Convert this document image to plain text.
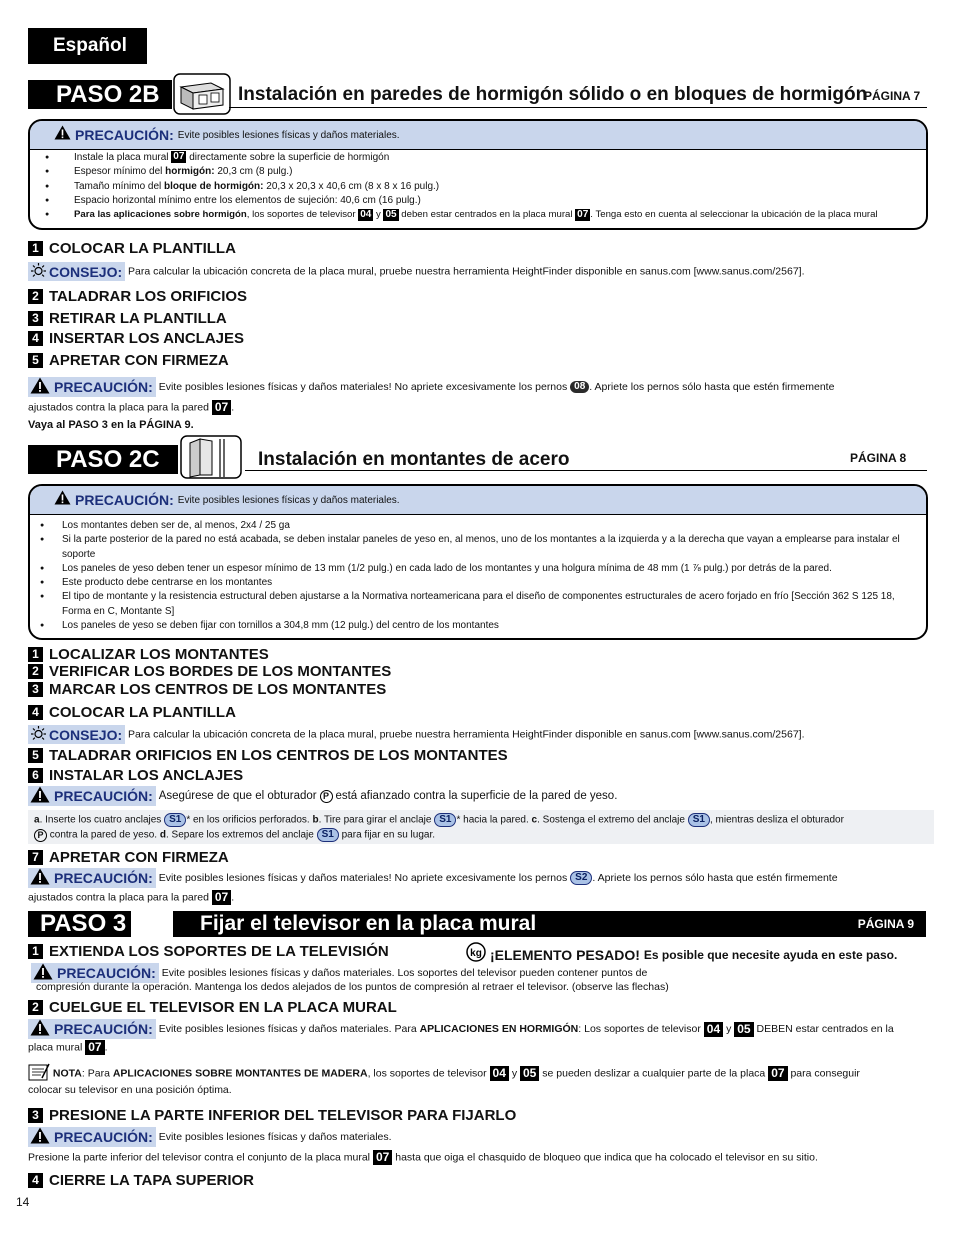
Español
PASO 2B	Instalación en paredes de hormigón sólido o en bloques de hormigón
PÁGINA 7
PRECAUCIÓN: Evite posibles lesiones físicas y daños materiales.
● Instale la placa mural 07 directamente sobre la superficie de hormigón
● Espesor mínimo del hormigón: 20,3 cm (8 pulg.)
● Tamaño mínimo del bloque de hormigón: 20,3 x 20,3 x 40,6 cm (8 x 8 x 16 pulg.)
● Espacio horizontal mínimo entre los elementos de sujeción: 40,6 cm (16 pulg.)
● Para las aplicaciones sobre hormigón, los soportes de televisor 04 y 05 deben estar centrados en la placa mural 07 . Tenga esto en cuenta al seleccionar la ubicación de la placa mural
1 COLOCAR LA PLANTILLA
CONSEJO: Para calcular la ubicación concreta de la placa mural, pruebe nuestra herramienta HeightFinder disponible en sanus.com [www.sanus.com/2567].
2 TALADRAR LOS ORIFICIOS
3 RETIRAR LA PLANTILLA
4 INSERTAR LOS ANCLAJES
5 APRETAR CON FIRMEZA
PRECAUCIÓN: Evite posibles lesiones físicas y daños materiales! No apriete excesivamente los pernos 08 . Apriete los pernos sólo hasta que estén firmemente
ajustados contra la placa para la pared 07 .
Vaya al PASO 3 en la PÁGINA 9.
PASO 2C	Instalación en montantes de acero	PÁGINA 8
PRECAUCIÓN: Evite posibles lesiones físicas y daños materiales.
● Los montantes deben ser de, al menos, 2x4 / 25 ga
● Si la parte posterior de la pared no está acabada, se deben instalar paneles de yeso en, al menos, uno de los montantes a la izquierda y a la derecha que vayan a emplearse para instalar el soporte
● Los paneles de yeso deben tener un espesor mínimo de 13 mm (1/2 pulg.) en cada lado de los montantes y una holgura mínima de 48 mm (1 ⅞ pulg.) por detrás de la pared.
● Este producto debe centrarse en los montantes
● El tipo de montante y la resistencia estructural deben ajustarse a la Normativa norteamericana para el diseño de componentes estructurales de acero forjado en frío [Sección 362 S 125 18, Forma en C, Montante S]
● Los paneles de yeso se deben fijar con tornillos a 304,8 mm (12 pulg.) del centro de los montantes
1 LOCALIZAR LOS MONTANTES
2 VERIFICAR LOS BORDES DE LOS MONTANTES
3 MARCAR LOS CENTROS DE LOS MONTANTES
4 COLOCAR LA PLANTILLA
CONSEJO: Para calcular la ubicación concreta de la placa mural, pruebe nuestra herramienta HeightFinder disponible en sanus.com [www.sanus.com/2567].
5 TALADRAR ORIFICIOS EN LOS CENTROS DE LOS MONTANTES
6 INSTALAR LOS ANCLAJES
PRECAUCIÓN: Asegúrese de que el obturador P está afianzado contra la superficie de la pared de yeso.
a. Inserte los cuatro anclajes S1 * en los orificios perforados. b. Tire para girar el anclaje S1 * hacia la pared. c. Sostenga el extremo del anclaje S1 , mientras desliza el obturador
P contra la pared de yeso. d. Separe los extremos del anclaje S1 para fijar en su lugar.
7 APRETAR CON FIRMEZA
PRECAUCIÓN: Evite posibles lesiones físicas y daños materiales! No apriete excesivamente los pernos S2 . Apriete los pernos sólo hasta que estén firmemente
ajustados contra la placa para la pared 07 .
PASO 3	Fijar el televisor en la placa mural	PÁGINA 9
1 EXTIENDA LOS SOPORTES DE LA TELEVISIÓN	kg ¡ELEMENTO PESADO! Es posible que necesite ayuda en este paso.
PRECAUCIÓN: Evite posibles lesiones físicas y daños materiales. Los soportes del televisor pueden contener puntos de
compresión durante la operación. Mantenga los dedos alejados de los puntos de compresión al retraer el televisor. (observe las flechas)
2 CUELGUE EL TELEVISOR EN LA PLACA MURAL
PRECAUCIÓN: Evite posibles lesiones físicas y daños materiales. Para APLICACIONES EN HORMIGÓN: Los soportes de televisor 04 y 05 DEBEN estar centrados en la
placa mural 07 .
NOTA: Para APLICACIONES SOBRE MONTANTES DE MADERA, los soportes de televisor 04 y 05 se pueden deslizar a cualquier parte de la placa 07 para conseguir
colocar su televisor en una posición óptima.
3 PRESIONE LA PARTE INFERIOR DEL TELEVISOR PARA FIJARLO
PRECAUCIÓN: Evite posibles lesiones físicas y daños materiales.
Presione la parte inferior del televisor contra el conjunto de la placa mural 07 hasta que oiga el chasquido de bloqueo que indica que ha colocado el televisor en su sitio.
4 CIERRE LA TAPA SUPERIOR
14
